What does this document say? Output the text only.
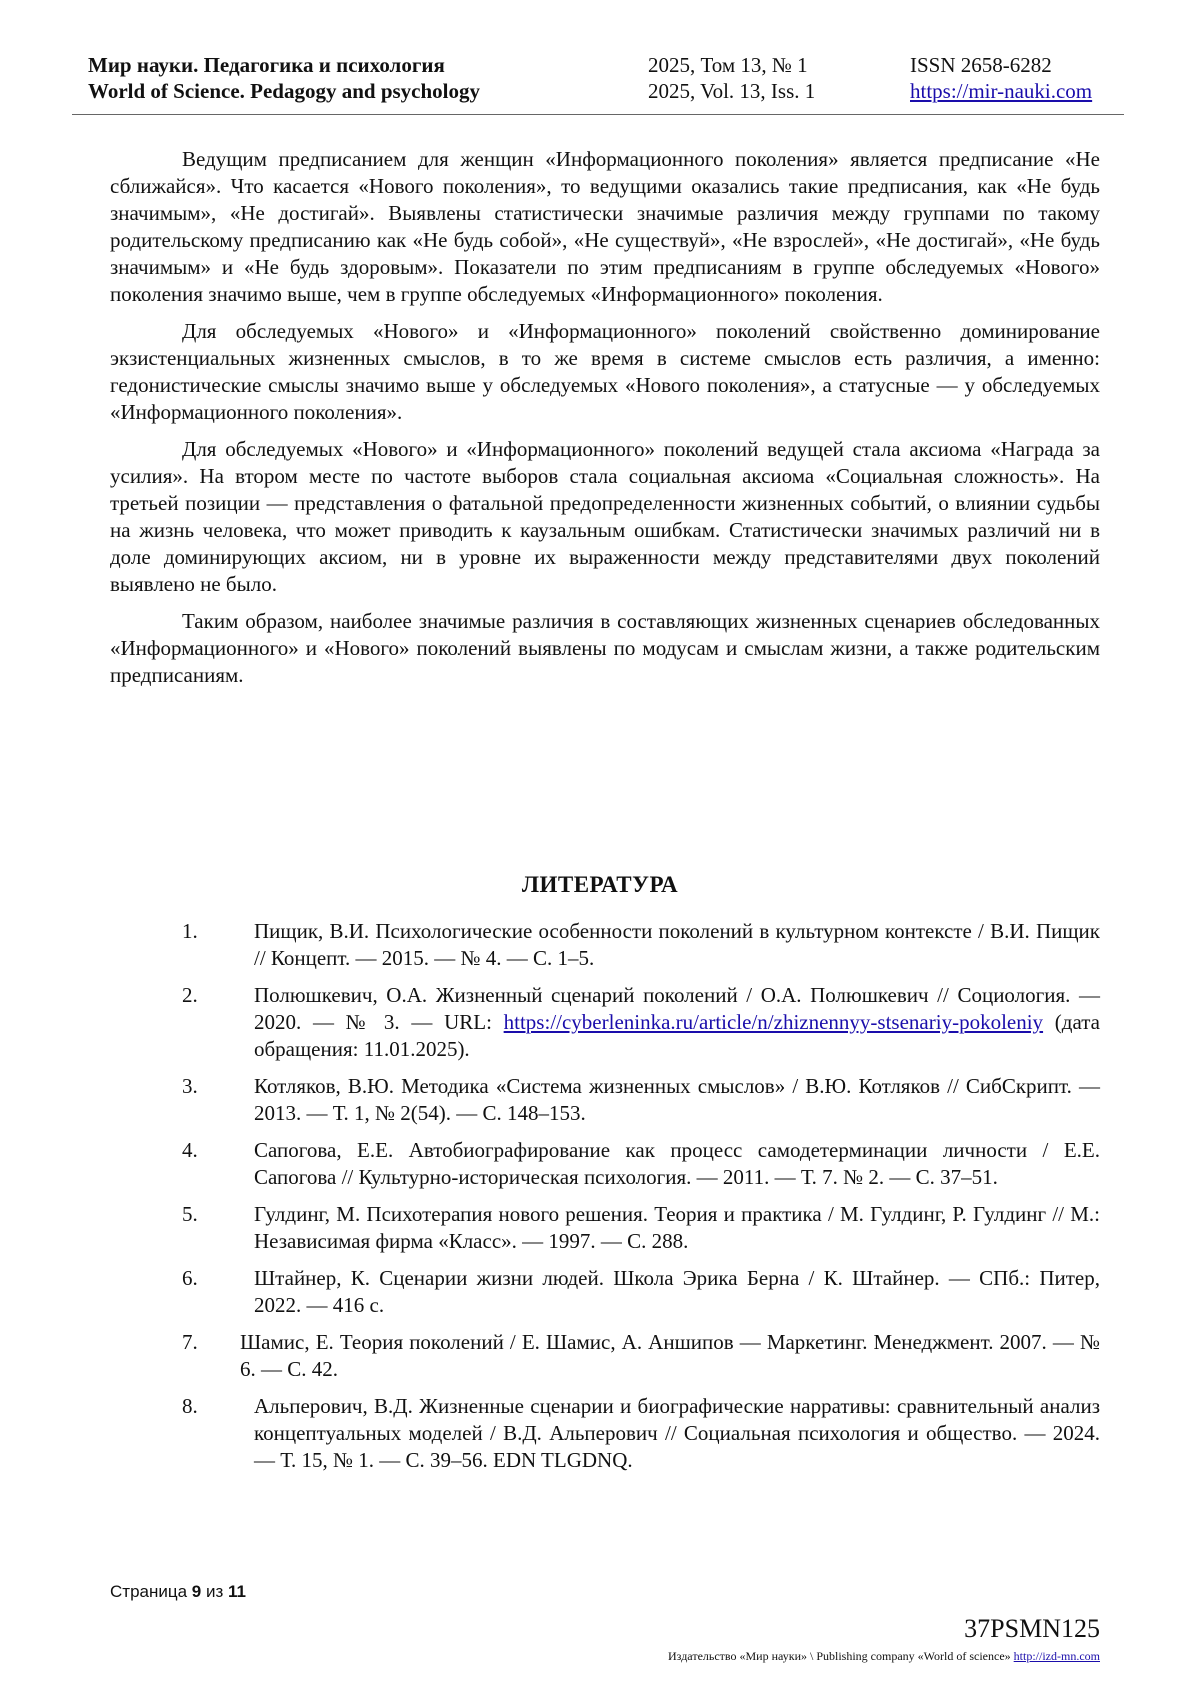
Мир науки. Педагогика и психология
World of Science. Pedagogy and psychology
2025, Том 13, № 1
2025, Vol. 13, Iss. 1
ISSN 2658-6282
https://mir-nauki.com

Ведущим предписанием для женщин «Информационного поколения» является предписание «Не сближайся». Что касается «Нового поколения», то ведущими оказались такие предписания, как «Не будь значимым», «Не достигай». Выявлены статистически значимые различия между группами по такому родительскому предписанию как «Не будь собой», «Не существуй», «Не взрослей», «Не достигай», «Не будь значимым» и «Не будь здоровым». Показатели по этим предписаниям в группе обследуемых «Нового» поколения значимо выше, чем в группе обследуемых «Информационного» поколения.

Для обследуемых «Нового» и «Информационного» поколений свойственно доминирование экзистенциальных жизненных смыслов, в то же время в системе смыслов есть различия, а именно: гедонистические смыслы значимо выше у обследуемых «Нового поколения», а статусные — у обследуемых «Информационного поколения».

Для обследуемых «Нового» и «Информационного» поколений ведущей стала аксиома «Награда за усилия». На втором месте по частоте выборов стала социальная аксиома «Социальная сложность». На третьей позиции — представления о фатальной предопределенности жизненных событий, о влиянии судьбы на жизнь человека, что может приводить к каузальным ошибкам. Статистически значимых различий ни в доле доминирующих аксиом, ни в уровне их выраженности между представителями двух поколений выявлено не было.

Таким образом, наиболее значимые различия в составляющих жизненных сценариев обследованных «Информационного» и «Нового» поколений выявлены по модусам и смыслам жизни, а также родительским предписаниям.

ЛИТЕРАТУРА
1.	Пищик, В.И. Психологические особенности поколений в культурном контексте / В.И. Пищик // Концепт. — 2015. — № 4. — С. 1–5.
2.	Полюшкевич, О.А. Жизненный сценарий поколений / О.А. Полюшкевич // Социология. — 2020. — № 3. — URL: https://cyberleninka.ru/article/n/zhiznennyy-stsenariy-pokoleniy (дата обращения: 11.01.2025).
3.	Котляков, В.Ю. Методика «Система жизненных смыслов» / В.Ю. Котляков // СибСкрипт. — 2013. — Т. 1, № 2(54). — С. 148–153.
4.	Сапогова, Е.Е. Автобиографирование как процесс самодетерминации личности / Е.Е. Сапогова // Культурно-историческая психология. — 2011. — Т. 7. № 2. — С. 37–51.
5.	Гулдинг, М. Психотерапия нового решения. Теория и практика / М. Гулдинг, Р. Гулдинг // М.: Независимая фирма «Класс». — 1997. — С. 288.
6.	Штайнер, К. Сценарии жизни людей. Школа Эрика Берна / К. Штайнер. — СПб.: Питер, 2022. — 416 с.
7. Шамис, Е. Теория поколений / Е. Шамис, А. Аншипов — Маркетинг. Менеджмент. 2007. — № 6. — С. 42.
8.	Альперович, В.Д. Жизненные сценарии и биографические нарративы: сравнительный анализ концептуальных моделей / В.Д. Альперович // Социальная психология и общество. — 2024. — Т. 15, № 1. — С. 39–56. EDN TLGDNQ.
Страница 9 из 11
37PSMN125
Издательство «Мир науки» \ Publishing company «World of science» http://izd-mn.com
